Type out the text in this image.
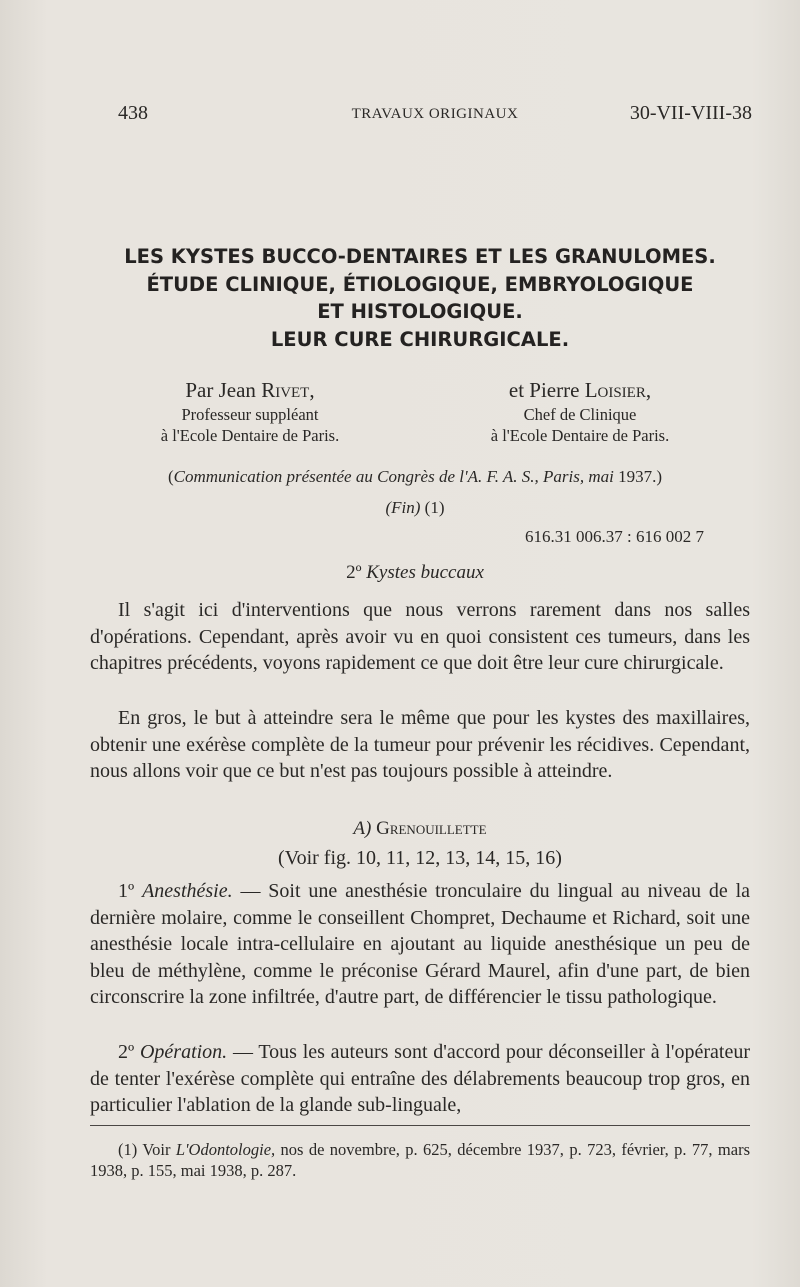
438	TRAVAUX ORIGINAUX	30-VII-VIII-38
LES KYSTES BUCCO-DENTAIRES ET LES GRANULOMES.
ÉTUDE CLINIQUE, ÉTIOLOGIQUE, EMBRYOLOGIQUE
ET HISTOLOGIQUE.
LEUR CURE CHIRURGICALE.
Par Jean Rivet,
Professeur suppléant
à l'Ecole Dentaire de Paris.
et Pierre Loisier,
Chef de Clinique
à l'Ecole Dentaire de Paris.
(Communication présentée au Congrès de l'A. F. A. S., Paris, mai 1937.)
(Fin) (1)
616.31 006.37 : 616 002 7
2º Kystes buccaux

Il s'agit ici d'interventions que nous verrons rarement dans nos salles d'opérations. Cependant, après avoir vu en quoi consistent ces tumeurs, dans les chapitres précédents, voyons rapidement ce que doit être leur cure chirurgicale.

En gros, le but à atteindre sera le même que pour les kystes des maxillaires, obtenir une exérèse complète de la tumeur pour prévenir les récidives. Cependant, nous allons voir que ce but n'est pas toujours possible à atteindre.

A) Grenouillette
(Voir fig. 10, 11, 12, 13, 14, 15, 16)

1º Anesthésie. — Soit une anesthésie tronculaire du lingual au niveau de la dernière molaire, comme le conseillent Chompret, Dechaume et Richard, soit une anesthésie locale intra-cellulaire en ajoutant au liquide anesthésique un peu de bleu de méthylène, comme le préconise Gérard Maurel, afin d'une part, de bien circonscrire la zone infiltrée, d'autre part, de différencier le tissu pathologique.

2º Opération. — Tous les auteurs sont d'accord pour déconseiller à l'opérateur de tenter l'exérèse complète qui entraîne des délabrements beaucoup trop gros, en particulier l'ablation de la glande sub-linguale,

(1) Voir L'Odontologie, nos de novembre, p. 625, décembre 1937, p. 723, février, p. 77, mars 1938, p. 155, mai 1938, p. 287.
